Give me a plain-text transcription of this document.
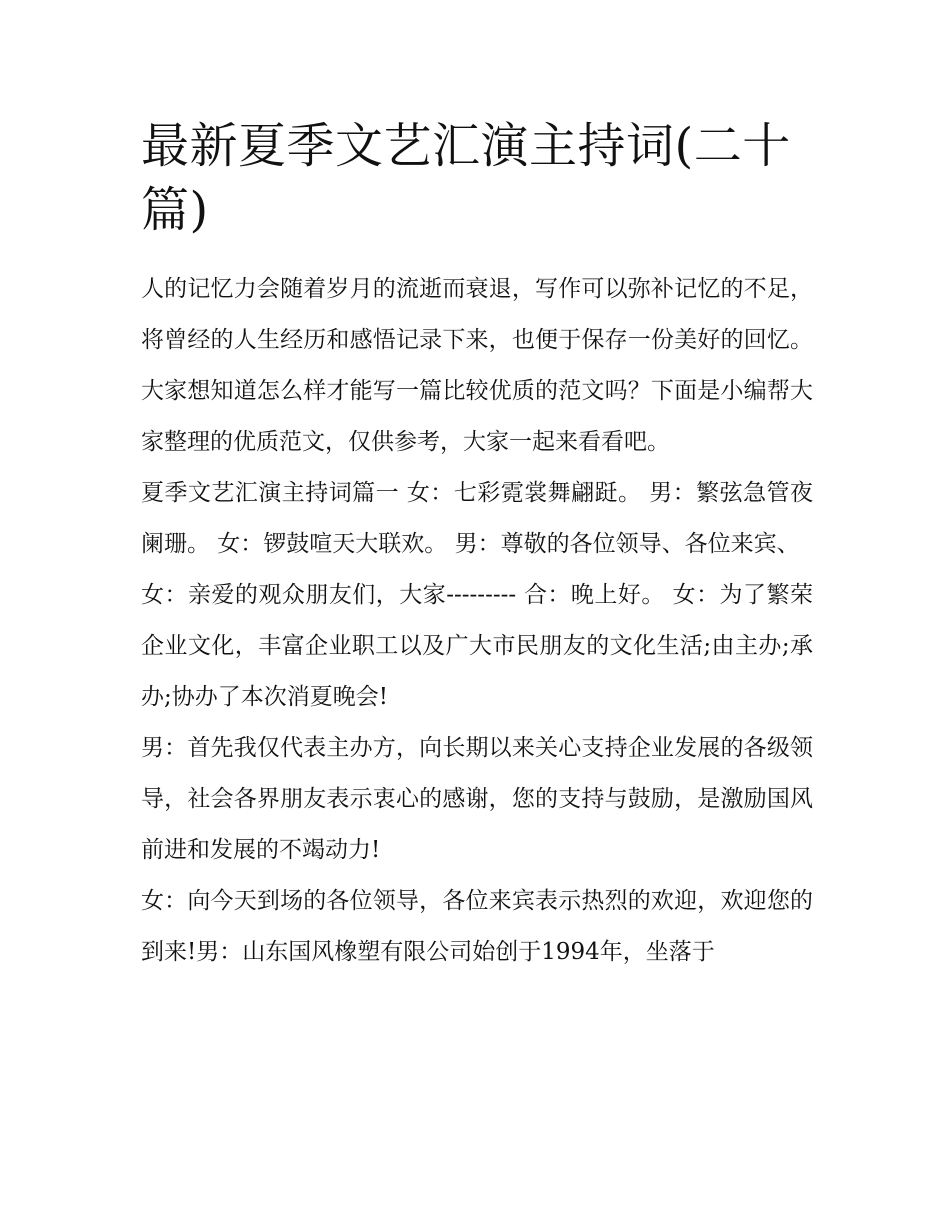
最新夏季文艺汇演主持词(二十篇)

人的记忆力会随着岁月的流逝而衰退，写作可以弥补记忆的不足，将曾经的人生经历和感悟记录下来，也便于保存一份美好的回忆。大家想知道怎么样才能写一篇比较优质的范文吗？下面是小编帮大家整理的优质范文，仅供参考，大家一起来看看吧。

夏季文艺汇演主持词篇一 女：七彩霓裳舞翩跹。 男：繁弦急管夜阑珊。 女：锣鼓喧天大联欢。 男：尊敬的各位领导、各位来宾、

女：亲爱的观众朋友们，大家--------- 合：晚上好。 女：为了繁荣企业文化，丰富企业职工以及广大市民朋友的文化生活;由主办;承办;协办了本次消夏晚会!

男：首先我仅代表主办方，向长期以来关心支持企业发展的各级领导，社会各界朋友表示衷心的感谢，您的支持与鼓励，是激励国风前进和发展的不竭动力!

女：向今天到场的各位领导，各位来宾表示热烈的欢迎，欢迎您的到来!男：山东国风橡塑有限公司始创于1994年，坐落于
